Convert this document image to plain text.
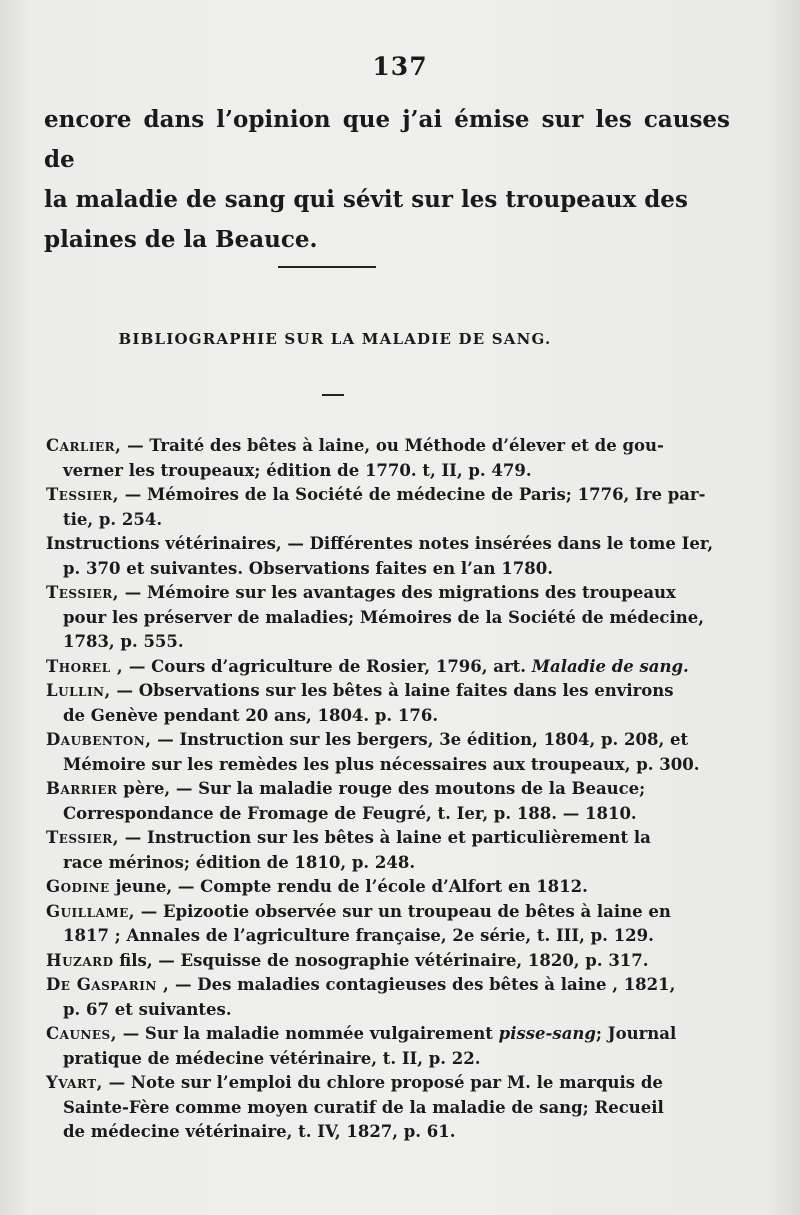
137
encore dans l’opinion que j’ai émise sur les causes de
la maladie de sang qui sévit sur les troupeaux des
plaines de la Beauce.
BIBLIOGRAPHIE SUR LA MALADIE DE SANG.
Carlier, — Traité des bêtes à laine, ou Méthode d’élever et de gou-
verner les troupeaux; édition de 1770. t, II, p. 479.
Tessier, — Mémoires de la Société de médecine de Paris; 1776, Ire par-
tie, p. 254.
Instructions vétérinaires, — Différentes notes insérées dans le tome Ier,
p. 370 et suivantes. Observations faites en l’an 1780.
Tessier, — Mémoire sur les avantages des migrations des troupeaux
pour les préserver de maladies; Mémoires de la Société de médecine,
1783, p. 555.
Thorel , — Cours d’agriculture de Rosier, 1796, art. Maladie de sang.
Lullin, — Observations sur les bêtes à laine faites dans les environs
de Genève pendant 20 ans, 1804. p. 176.
Daubenton, — Instruction sur les bergers, 3e édition, 1804, p. 208, et
Mémoire sur les remèdes les plus nécessaires aux troupeaux, p. 300.
Barrier père, — Sur la maladie rouge des moutons de la Beauce;
Correspondance de Fromage de Feugré, t. Ier, p. 188. — 1810.
Tessier, — Instruction sur les bêtes à laine et particulièrement la
race mérinos; édition de 1810, p. 248.
Godine jeune, — Compte rendu de l’école d’Alfort en 1812.
Guillame, — Epizootie observée sur un troupeau de bêtes à laine en
1817 ; Annales de l’agriculture française, 2e série, t. III, p. 129.
Huzard fils, — Esquisse de nosographie vétérinaire, 1820, p. 317.
De Gasparin , — Des maladies contagieuses des bêtes à laine , 1821,
p. 67 et suivantes.
Caunes, — Sur la maladie nommée vulgairement pisse-sang; Journal
pratique de médecine vétérinaire, t. II, p. 22.
Yvart, — Note sur l’emploi du chlore proposé par M. le marquis de
Sainte-Fère comme moyen curatif de la maladie de sang; Recueil
de médecine vétérinaire, t. IV, 1827, p. 61.
